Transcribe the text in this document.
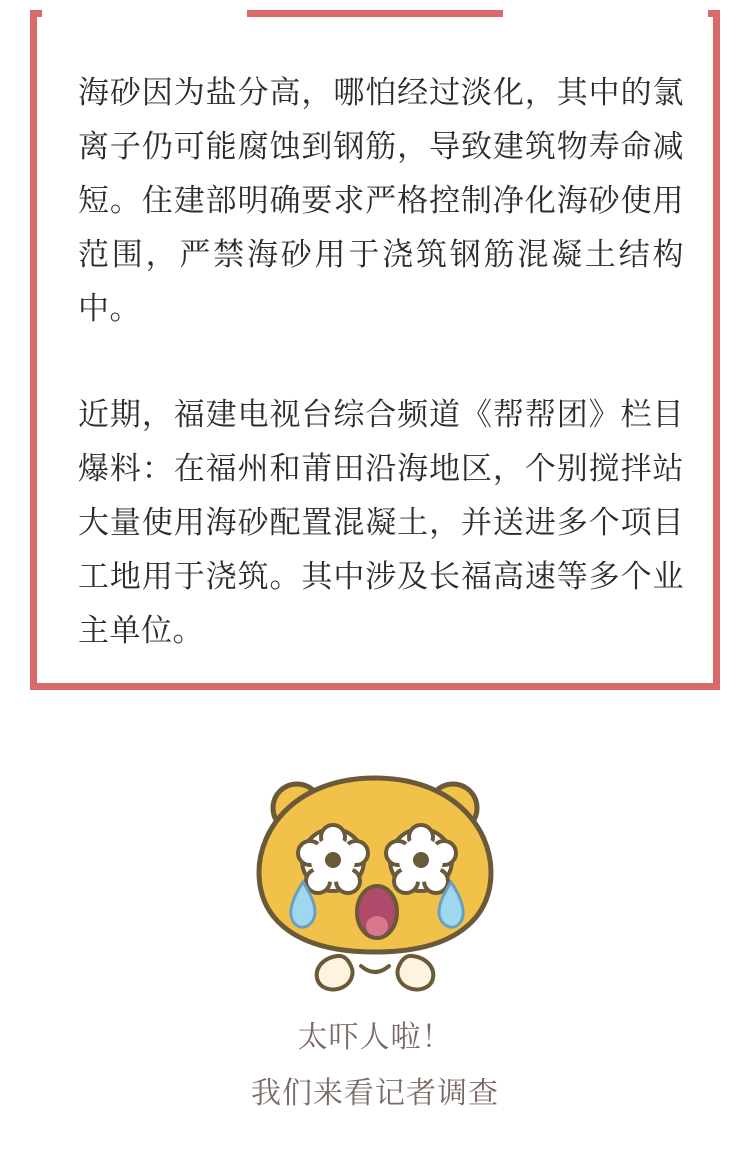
海砂因为盐分高，哪怕经过淡化，其中的氯离子仍可能腐蚀到钢筋，导致建筑物寿命减短。住建部明确要求严格控制净化海砂使用范围，严禁海砂用于浇筑钢筋混凝土结构中。

近期，福建电视台综合频道《帮帮团》栏目爆料：在福州和莆田沿海地区，个别搅拌站大量使用海砂配置混凝土，并送进多个项目工地用于浇筑。其中涉及长福高速等多个业主单位。

太吓人啦！
我们来看记者调查
